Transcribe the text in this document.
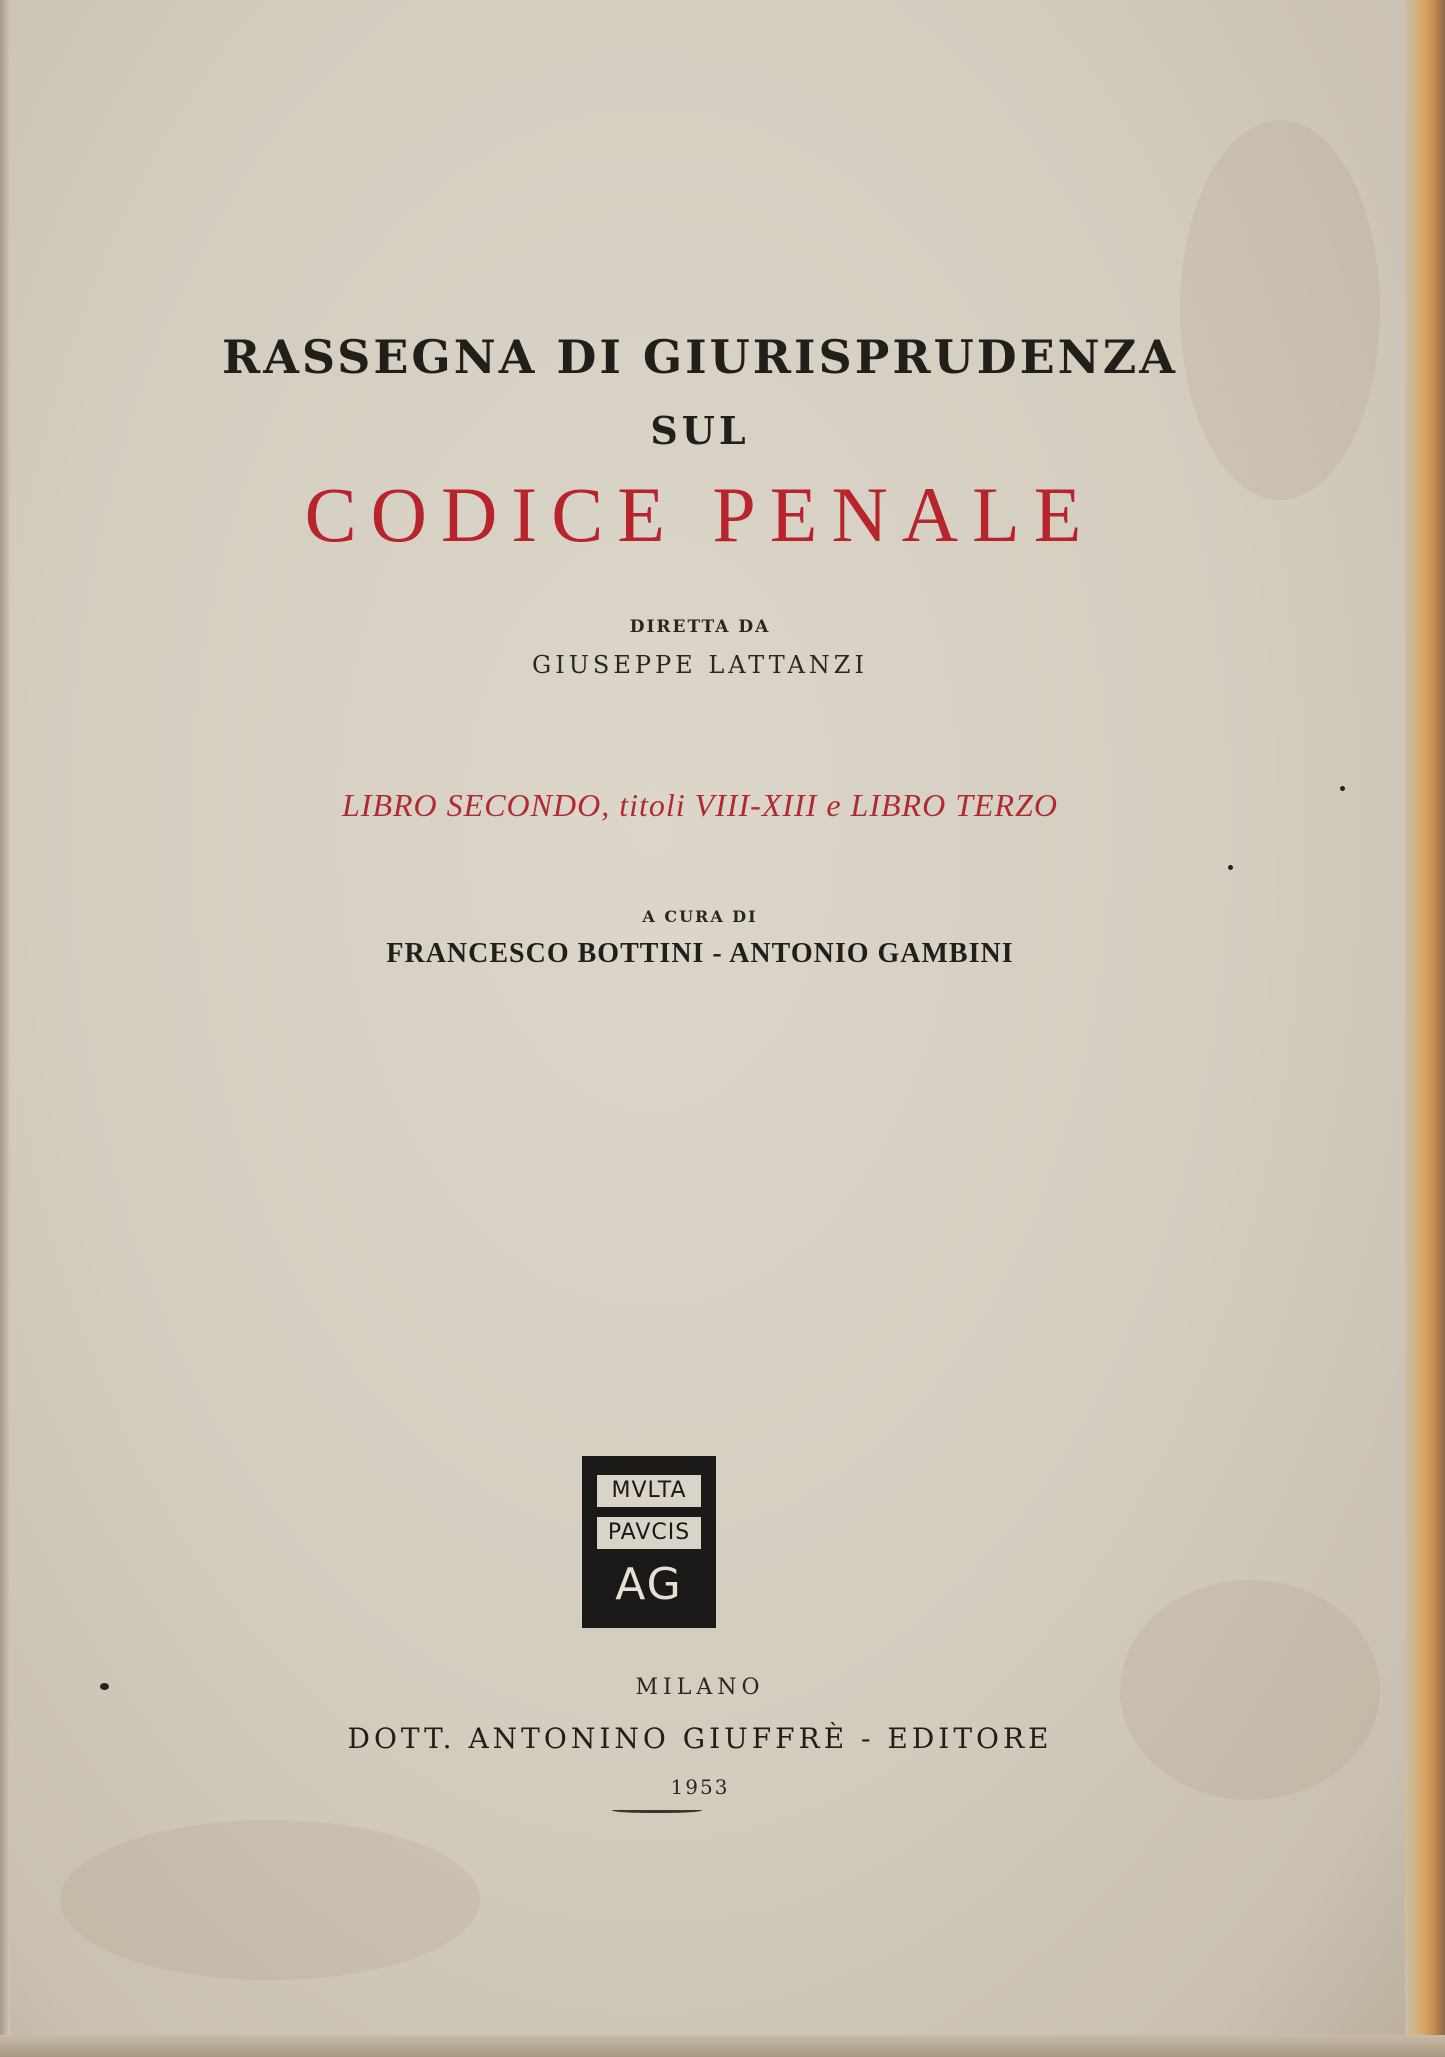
RASSEGNA DI GIURISPRUDENZA
SUL
CODICE PENALE
DIRETTA DA
GIUSEPPE LATTANZI
LIBRO SECONDO, titoli VIII-XIII e LIBRO TERZO
A CURA DI
FRANCESCO BOTTINI - ANTONIO GAMBINI
MVLTA
PAVCIS
AG
MILANO
DOTT. ANTONINO GIUFFRÈ - EDITORE
1953
